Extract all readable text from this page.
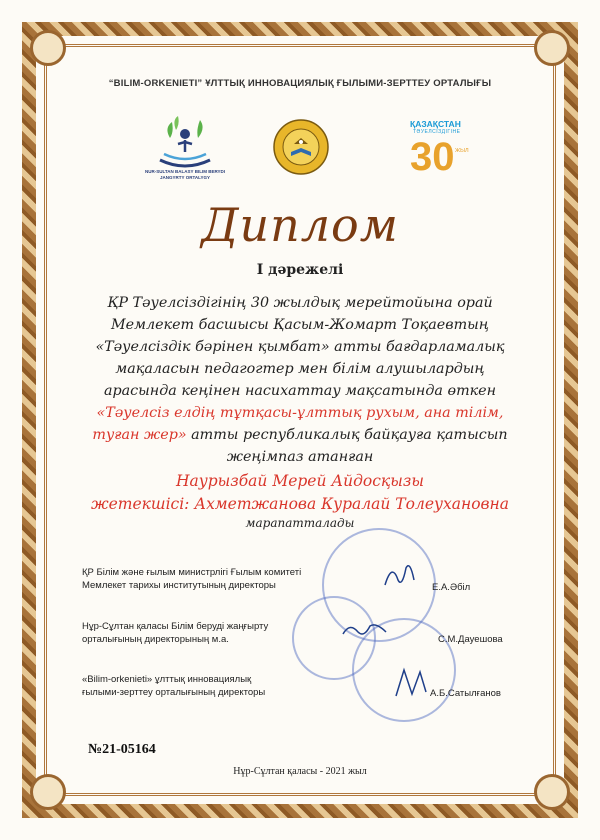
“BILIM-ORKENIETI” ҰЛТТЫҚ ИННОВАЦИЯЛЫҚ ҒЫЛЫМИ-ЗЕРТТЕУ ОРТАЛЫҒЫ
NUR-SULTAN BALASY BILIM BERYDI JANGYRTY ORTALYGY
ҚАЗАҚСТАН
ТӘУЕЛСІЗДІГІНЕ
30 ЖЫЛ
Диплом
I дәрежелі
ҚР Тәуелсіздігінің 30 жылдық мерейтойына орай
Мемлекет басшысы Қасым-Жомарт Тоқаевтың
«Тәуелсіздік бәрінен қымбат» атты бағдарламалық
мақаласын педагогтер мен білім алушылардың
арасында кеңінен насихаттау мақсатында өткен
«Тәуелсіз елдің тұтқасы-ұлттық рухым, ана тілім,
туған жер» атты республикалық байқауға қатысып
жеңімпаз атанған
Наурызбай Мерей Айдосқызы
жетекшісі: Ахметжанова Куралай Толеухановна
марапатталады
ҚР Білім және ғылым министрлігі Ғылым комитеті
Мемлекет тарихы институтының директоры	Е.А.Әбіл
Нұр-Сұлтан қаласы Білім беруді жаңғырту
орталығының директорының м.а.	С.М.Дауешова
«Bilim-orkenieti» ұлттық инновациялық
ғылыми-зерттеу орталығының директоры	А.Б.Сатылғанов
№21-05164
Нұр-Сұлтан қаласы - 2021 жыл
